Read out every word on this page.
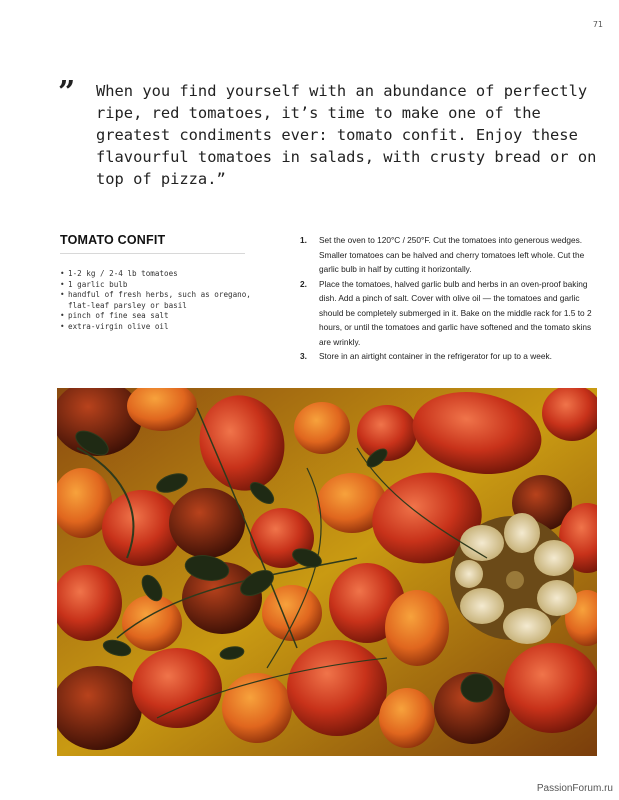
71
” When you find yourself with an abundance of perfectly ripe, red tomatoes, it’s time to make one of the greatest condiments ever: tomato confit. Enjoy these flavourful tomatoes in salads, with crusty bread or on top of pizza.”

TOMATO CONFIT
• 1-2 kg / 2-4 lb tomatoes
• 1 garlic bulb
• handful of fresh herbs, such as oregano, flat-leaf parsley or basil
• pinch of fine sea salt
• extra-virgin olive oil
1. Set the oven to 120°C / 250°F. Cut the tomatoes into generous wedges. Smaller tomatoes can be halved and cherry tomatoes left whole. Cut the garlic bulb in half by cutting it horizontally.
2. Place the tomatoes, halved garlic bulb and herbs in an oven-proof baking dish. Add a pinch of salt. Cover with olive oil — the tomatoes and garlic should be completely submerged in it. Bake on the middle rack for 1.5 to 2 hours, or until the tomatoes and garlic have softened and the tomato skins are wrinkly.
3. Store in an airtight container in the refrigerator for up to a week.
PassionForum.ru
